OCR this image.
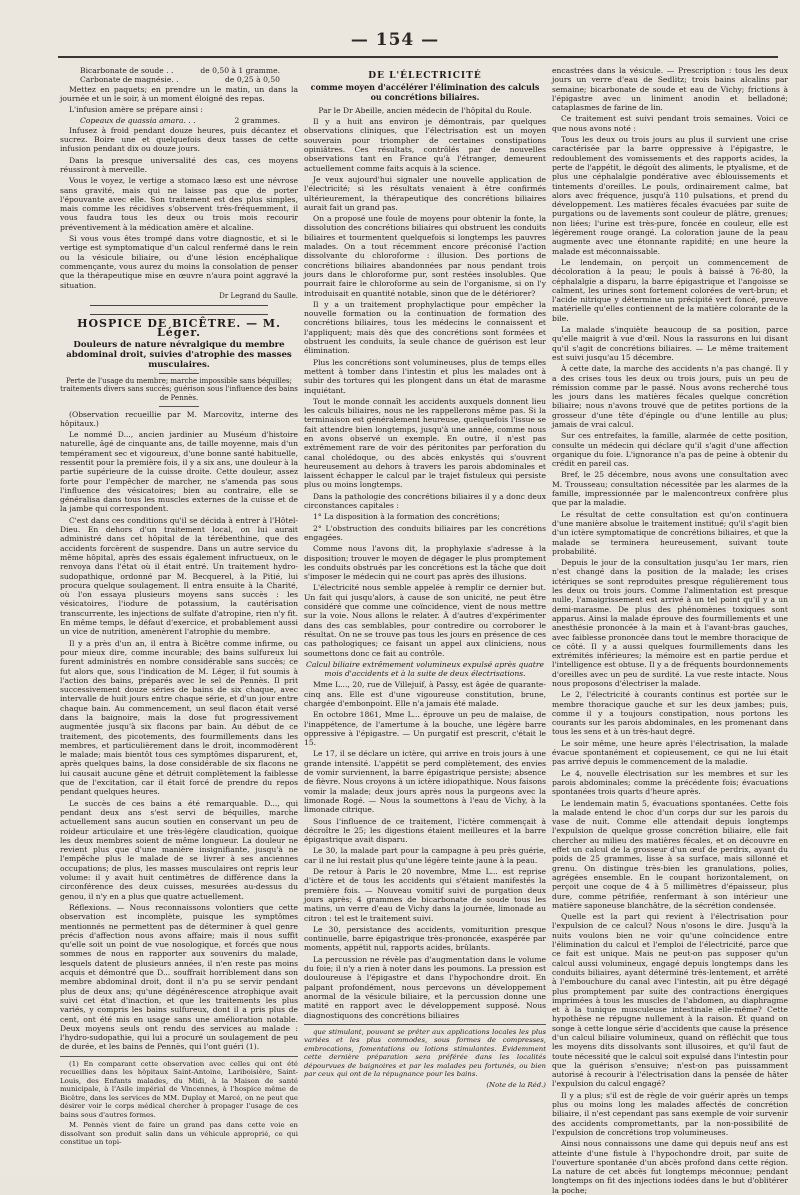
— 154 —
Bicarbonate de soude . .	de 0,50 à 1 gramme.
Carbonate de magnésie. .	de 0,25 à 0,50

Mettez en paquets; en prendre un le matin, un dans la journée et un le soir, à un moment éloigné des repas.

L'infusion amère se prépare ainsi :

Copeaux de quassia amara. . .	2 grammes.

Infusez à froid pendant douze heures, puis décantez et sucrez. Boire une et quelquefois deux tasses de cette infusion pendant dix ou douze jours.

Dans la presque universalité des cas, ces moyens réussiront à merveille.

Vous le voyez, le vertige a stomaco læso est une névrose sans gravité, mais qui ne laisse pas que de porter l'épouvante avec elle. Son traitement est des plus simples, mais comme les récidives s'observent très-fréquemment, il vous faudra tous les deux ou trois mois recourir préventivement à la médication amère et alcaline.

Si vous vous êtes trompé dans votre diagnostic, et si le vertige est symptomatique d'un calcul renfermé dans le rein ou la vésicule biliaire, ou d'une lésion encéphalique commençante, vous aurez du moins la consolation de penser que la thérapeutique mise en œuvre n'aura point aggravé la situation.

Dr Legrand du Saulle.
HOSPICE DE BICÊTRE. — M. Léger.
Douleurs de nature névralgique du membre abdominal droit, suivies d'atrophie des masses musculaires.
Perte de l'usage du membre; marche impossible sans béquilles; traitements divers sans succès; guérison sous l'influence des bains de Pennès.

(Observation recueillie par M. Marcovitz, interne des hôpitaux.)

Le nommé D..., ancien jardinier au Muséum d'histoire naturelle, âgé de cinquante ans, de taille moyenne, mais d'un tempérament sec et vigoureux, d'une bonne santé habituelle, ressentit pour la première fois, il y a six ans, une douleur à la partie supérieure de la cuisse droite. Cette douleur, assez forte pour l'empêcher de marcher, ne s'amenda pas sous l'influence des vésicatoires; bien au contraire, elle se généralisa dans tous les muscles externes de la cuisse et de la jambe qui correspondent.

C'est dans ces conditions qu'il se décida à entrer à l'Hôtel-Dieu. En dehors d'un traitement local, on lui aurait administré dans cet hôpital de la térébenthine, que des accidents forcèrent de suspendre. Dans un autre service du même hôpital, après des essais également infructueux, on le renvoya dans l'état où il était entré. Un traitement hydro-sudopathique, ordonné par M. Becquerel, à la Pitié, lui procura quelque soulagement. Il entra ensuite à la Charité, où l'on essaya plusieurs moyens sans succès : les vésicatoires, l'iodure de potassium, la cautérisation transcurrente, les injections de sulfate d'atropine, rien n'y fit. En même temps, le défaut d'exercice, et probablement aussi un vice de nutrition, amenèrent l'atrophie du membre.

Il y a près d'un an, il entra à Bicêtre comme infirme, ou pour mieux dire, comme incurable; des bains sulfureux lui furent administrés en nombre considérable sans succès; ce fut alors que, sous l'indication de M. Léger, il fut soumis à l'action des bains, préparés avec le sel de Pennès. Il prit successivement douze séries de bains de six chaque, avec intervalle de huit jours entre chaque série, et d'un jour entre chaque bain. Au commencement, un seul flacon était versé dans la baignoire, mais la dose fut progressivement augmentée jusqu'à six flacons par bain. Au début de ce traitement, des picotements, des fourmillements dans les membres, et particulièrement dans le droit, incommodèrent le malade; mais bientôt tous ces symptômes disparurent, et, après quelques bains, la dose considérable de six flacons ne lui causait aucune gêne et détruit complètement la faiblesse que de l'excitation, car il était forcé de prendre du repos pendant quelques heures.

Le succès de ces bains a été remarquable. D..., qui pendant deux ans s'est servi de béquilles, marche actuellement sans aucun soutien en conservant un peu de roideur articulaire et une très-légère claudication, quoique les deux membres soient de même longueur. La douleur ne revient plus que d'une manière insignifiante, jusqu'à ne l'empêche plus le malade de se livrer à ses anciennes occupations; de plus, les masses musculaires ont repris leur volume: il y avait huit centimètres de différence dans la circonférence des deux cuisses, mesurées au-dessus du genou, il n'y en a plus que quatre actuellement.

Réflexions. — Nous reconnaissons volontiers que cette observation est incomplète, puisque les symptômes mentionnés ne permettent pas de déterminer à quel genre précis d'affection nous avons affaire; mais il nous suffit qu'elle soit un point de vue nosologique, et forcés que nous sommes de nous en rapporter aux souvenirs du malade, lesquels datent de plusieurs années, il n'en reste pas moins acquis et démontré que D... souffrait horriblement dans son membre abdominal droit, dont il n'a pu se servir pendant plus de deux ans; qu'une dégénérescence atrophique avait suivi cet état d'inaction, et que les traitements les plus variés, y compris les bains sulfureux, dont il a pris plus de cent, ont été mis en usage sans une amélioration notable. Deux moyens seuls ont rendu des services au malade : l'hydro-sudopathie, qui lui a procuré un soulagement de peu de durée, et les bains de Pennès, qui l'ont guéri (1).

(1) En comparant cette observation avec celles qui ont été recueillies dans les hôpitaux Saint-Antoine, Lariboisière, Saint-Louis, des Enfants malades, du Midi, à la Maison de santé municipale, à l'Asile impérial de Vincennes, à l'hospice même de Bicêtre, dans les services de MM. Duplay et Marcé, on ne peut que désirer voir le corps médical chercher à propager l'usage de ces bains sous d'autres formes.

M. Pennès vient de faire un grand pas dans cette voie en dissolvant son produit salin dans un véhicule approprié, ce qui constitue un topi-

DE L'ÉLECTRICITÉ
comme moyen d'accélérer l'élimination des calculs ou concrétions biliaires.

Par le Dr Abeille, ancien médecin de l'hôpital du Roule.

Il y a huit ans environ je démontrais, par quelques observations cliniques, que l'électrisation est un moyen souverain pour triompher de certaines constipations opiniâtres. Ces résultats, contrôlés par de nouvelles observations tant en France qu'à l'étranger, demeurent actuellement comme faits acquis à la science.

Je veux aujourd'hui signaler une nouvelle application de l'électricité; si les résultats venaient à être confirmés ultérieurement, la thérapeutique des concrétions biliaires aurait fait un grand pas.

On a proposé une foule de moyens pour obtenir la fonte, la dissolution des concrétions biliaires qui obstruent les conduits biliaires et tourmentent quelquefois si longtemps les pauvres malades. On a tout récemment encore préconisé l'action dissolvante du chloroforme : illusion. Des portions de concrétions biliaires abandonnées par nous pendant trois jours dans le chloroforme pur, sont restées insolubles. Que pourrait faire le chloroforme au sein de l'organisme, si on l'y introduisait en quantité notable, sinon que de le détériorer?

Il y a un traitement prophylactique pour empêcher la nouvelle formation ou la continuation de formation des concrétions biliaires, tous les médecins le connaissent et l'appliquent; mais dès que des concrétions sont formées et obstruent les conduits, la seule chance de guérison est leur élimination.

Plus les concrétions sont volumineuses, plus de temps elles mettent à tomber dans l'intestin et plus les malades ont à subir des tortures qui les plongent dans un état de marasme inquiétant.

Tout le monde connaît les accidents auxquels donnent lieu les calculs biliaires, nous ne les rappellerons même pas. Si la terminaison est généralement heureuse, quelquefois l'issue se fait attendre bien longtemps, jusqu'à une année, comme nous en avons observé un exemple. En outre, il n'est pas extrêmement rare de voir des péritonites par perforation du canal cholédoque, ou des abcès enkystés qui s'ouvrent heureusement au dehors à travers les parois abdominales et laissent échapper le calcul par le trajet fistuleux qui persiste plus ou moins longtemps.

Dans la pathologie des concrétions biliaires il y a donc deux circonstances capitales :

1° La disposition à la formation des concrétions;

2° L'obstruction des conduits biliaires par les concrétions engagées.

Comme nous l'avons dit, la prophylaxie s'adresse à la disposition; trouver le moyen de dégager le plus promptement les conduits obstrués par les concrétions est la tâche que doit s'imposer le médecin qui ne court pas après des illusions.

L'électricité nous semble appelée à remplir ce dernier but. Un fait qui jusqu'alors, à cause de son unicité, ne peut être considéré que comme une coïncidence, vient de nous mettre sur la voie. Nous allons le relater. À d'autres d'expérimenter dans des cas semblables, pour contredire ou corroborer le résultat. On ne se trouve pas tous les jours en présence de ces cas pathologiques; ce faisant un appel aux cliniciens, nous soumettons donc ce fait au contrôle.

Calcul biliaire extrêmement volumineux expulsé après quatre mois d'accidents et à la suite de deux électrisations.

Mme L..., 20, rue de Villejuif, à Passy, est âgée de quarante-cinq ans. Elle est d'une vigoureuse constitution, brune, chargée d'embonpoint. Elle n'a jamais été malade.

En octobre 1861, Mme L... éprouve un peu de malaise, de l'inappétence, de l'amertume à la bouche, une légère barre oppressive à l'épigastre. — Un purgatif est prescrit, c'était le 15.

Le 17, il se déclare un ictère, qui arrive en trois jours à une grande intensité. L'appétit se perd complètement, des envies de vomir surviennent, la barre épigastrique persiste; absence de fièvre. Nous croyons à un ictère idiopathique. Nous faisons vomir la malade; deux jours après nous la purgeons avec la limonade Rogé. — Nous la soumettons à l'eau de Vichy, à la limonade citrique.

Sous l'influence de ce traitement, l'ictère commençait à décroître le 25; les digestions étaient meilleures et la barre épigastrique avait disparu.

Le 30, la malade part pour la campagne à peu près guérie, car il ne lui restait plus qu'une légère teinte jaune à la peau.

De retour à Paris le 20 novembre, Mme L... est reprise d'ictère et de tous les accidents qui s'étaient manifestés la première fois. — Nouveau vomitif suivi de purgation deux jours après; 4 grammes de bicarbonate de soude tous les matins, un verre d'eau de Vichy dans la journée, limonade au citron : tel est le traitement suivi.

Le 30, persistance des accidents, vomiturition presque continuelle, barre épigastrique très-prononcée, exaspérée par moments, appétit nul, rapports acides, brûlants.

La percussion ne révèle pas d'augmentation dans le volume du foie; il n'y a rien à noter dans les poumons. La pression est douloureuse à l'épigastre et dans l'hypochondre droit. En palpant profondément, nous percevons un développement anormal de la vésicule biliaire, et la percussion donne une matité en rapport avec le développement supposé. Nous diagnostiquons des concrétions biliaires

que stimulant, pouvant se prêter aux applications locales les plus variées et les plus commodes, sous formes de compresses, embrocations, fomentations ou lotions stimulantes. Évidemment cette dernière préparation sera préférée dans les localités dépourvues de baignoires et par les malades peu fortunés, ou bien par ceux qui ont de la répugnance pour les bains.

(Note de la Réd.)

encastrées dans la vésicule. — Prescription : tous les deux jours un verre d'eau de Sedlitz; trois bains alcalins par semaine; bicarbonate de soude et eau de Vichy; frictions à l'épigastre avec un liniment anodin et belladoné; cataplasmes de farine de lin.

Ce traitement est suivi pendant trois semaines. Voici ce que nous avons noté :

Tous les deux ou trois jours au plus il survient une crise caractérisée par la barre oppressive à l'épigastre, le redoublement des vomissements et des rapports acides, la perte de l'appétit, le dégoût des aliments, le ptyalisme, et de plus une céphalalgie pondérative avec éblouissements et tintements d'oreilles. Le pouls, ordinairement calme, bat alors avec fréquence, jusqu'à 110 pulsations, et prend du développement. Les matières fécales évacuées par suite de purgations ou de lavements sont couleur de plâtre, grenues; non liées; l'urine est très-pure, foncée en couleur, elle est légèrement rouge orangé. La coloration jaune de la peau augmente avec une étonnante rapidité; en une heure la malade est méconnaissable.

Le lendemain, on perçoit un commencement de décoloration à la peau; le pouls à baissé à 76-80, la céphalalgie a disparu, la barre épigastrique et l'angoisse se calment, les urines sont fortement colorées de vert-brun; et l'acide nitrique y détermine un précipité vert foncé, preuve matérielle qu'elles contiennent de la matière colorante de la bile.

La malade s'inquiète beaucoup de sa position, parce qu'elle maigrit à vue d'œil. Nous la rassurons en lui disant qu'il s'agit de concrétions biliaires. — Le même traitement est suivi jusqu'au 15 décembre.

À cette date, la marche des accidents n'a pas changé. Il y a des crises tous les deux ou trois jours, puis un peu de rémission comme par le passé. Nous avons recherché tous les jours dans les matières fécales quelque concrétion biliaire; nous n'avons trouvé que de petites portions de la grosseur d'une tête d'épingle ou d'une lentille au plus; jamais de vrai calcul.

Sur ces entrefaites, la famille, alarmée de cette position, consulte un médecin qui déclare qu'il s'agit d'une affection organique du foie. L'ignorance n'a pas de peine à obtenir du crédit en pareil cas.

Bref, le 25 décembre, nous avons une consultation avec M. Trousseau; consultation nécessitée par les alarmes de la famille, impressionnée par le malencontreux confrère plus que par la maladie.

Le résultat de cette consultation est qu'on continuera d'une manière absolue le traitement institué; qu'il s'agit bien d'un ictère symptomatique de concrétions biliaires, et que la malade se terminera heureusement, suivant toute probabilité.

Depuis le jour de la consultation jusqu'au 1er mars, rien n'est changé dans la position de la malade; les crises ictériques se sont reproduites presque régulièrement tous les deux ou trois jours. Comme l'alimentation est presque nulle, l'amaigrissement est arrivé à un tel point qu'il y a un demi-marasme. De plus des phénomènes toxiques sont apparus. Ainsi la malade éprouve des fourmillements et une anesthésie prononcée à la main et à l'avant-bras gauches, avec faiblesse prononcée dans tout le membre thoracique de ce côté. Il y a aussi quelques fourmillements dans les extrémités inférieures; la mémoire est en partie perdue et l'intelligence est obtuse. Il y a de fréquents bourdonnements d'oreilles avec un peu de surdité. La vue reste intacte. Nous nous proposons d'électriser la malade.

Le 2, l'électricité à courants continus est portée sur le membre thoracique gauche et sur les deux jambes; puis, comme il y a toujours constipation, nous portons les courants sur les parois abdominales, en les promenant dans tous les sens et à un très-haut degré.

Le soir même, une heure après l'électrisation, la malade évacue spontanément et copieusement, ce qui ne lui était pas arrivé depuis le commencement de la maladie.

Le 4, nouvelle électrisation sur les membres et sur les parois abdominales; comme la précédente fois; évacuations spontanées trois quarts d'heure après.

Le lendemain matin 5, évacuations spontanées. Cette fois la malade entend le choc d'un corps dur sur les parois du vase de nuit. Comme elle attendait depuis longtemps l'expulsion de quelque grosse concrétion biliaire, elle fait chercher au milieu des matières fécales, et on découvre en effet un calcul de la grosseur d'un œuf de perdrix, ayant du poids de 25 grammes, lisse à sa surface, mais sillonné et grenu. On distingue très-bien les granulations, polies, agrégées ensemble. En le coupant horizontalement, on perçoit une coque de 4 à 5 millimètres d'épaisseur, plus dure, comme pétrifiée, renfermant à son intérieur une matière saponeuse blanchâtre, de la sécrétion condensée.

Quelle est la part qui revient à l'électrisation pour l'expulsion de ce calcul? Nous n'osons le dire. Jusqu'à la nuits voulons bien ne voir qu'une coïncidence entre l'élimination du calcul et l'emploi de l'électricité, parce que ce fait est unique. Mais ne peut-on pas supposer qu'un calcul aussi volumineux, engagé depuis longtemps dans les conduits biliaires, ayant déterminé très-lentement, et arrêté à l'embouchure du canal avec l'intestin, ait pu être dégagé plus promptement par suite des contractions énergiques imprimées à tous les muscles de l'abdomen, au diaphragme et à la tunique musculeuse intestinale elle-même? Cette hypothèse ne répugne nullement à la raison. Et quand on songe à cette longue série d'accidents que cause la présence d'un calcul biliaire volumineux, quand on réfléchit que tous les moyens dits dissolvants sont illusoires, et qu'il faut de toute nécessité que le calcul soit expulsé dans l'intestin pour que la guérison s'ensuive; n'est-on pas puissamment autorisé à recourir à l'électrisation dans la pensée de hâter l'expulsion du calcul engagé?

Il y a plus; s'il est de règle de voir guérir après un temps plus ou moins long les malades affectés de concrétion biliaire, il n'est cependant pas sans exemple de voir survenir des accidents compromettants, par la non-possibilité de l'expulsion de concrétions trop volumineuses.

Ainsi nous connaissons une dame qui depuis neuf ans est atteinte d'une fistule à l'hypochondre droit, par suite de l'ouverture spontanée d'un abcès profond dans cette région. La nature de cet abcès fut longtemps méconnue; pendant longtemps on fit des injections iodées dans le but d'oblitérer la poche;
